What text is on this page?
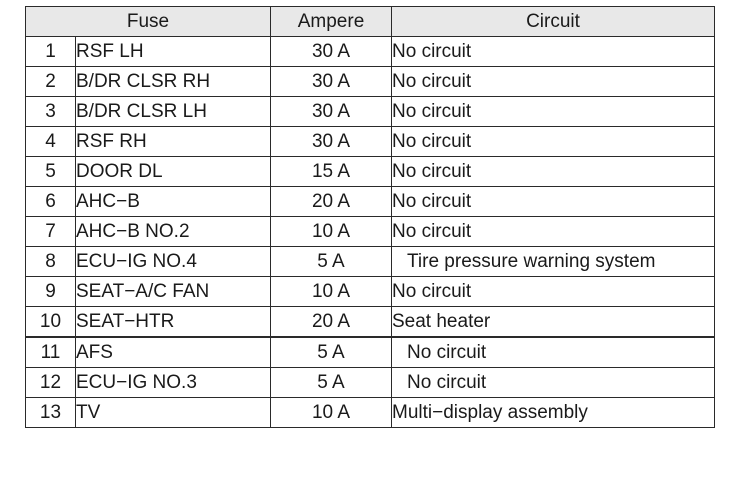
Fuse		Ampere	Circuit
1	RSF LH	30 A	No circuit
2	B/DR CLSR RH	30 A	No circuit
3	B/DR CLSR LH	30 A	No circuit
4	RSF RH	30 A	No circuit
5	DOOR DL	15 A	No circuit
6	AHC−B	20 A	No circuit
7	AHC−B NO.2	10 A	No circuit
8	ECU−IG NO.4	5 A	Tire pressure warning system
9	SEAT−A/C FAN	10 A	No circuit
10	SEAT−HTR	20 A	Seat heater
11	AFS	5 A	No circuit
12	ECU−IG NO.3	5 A	No circuit
13	TV	10 A	Multi−display assembly
